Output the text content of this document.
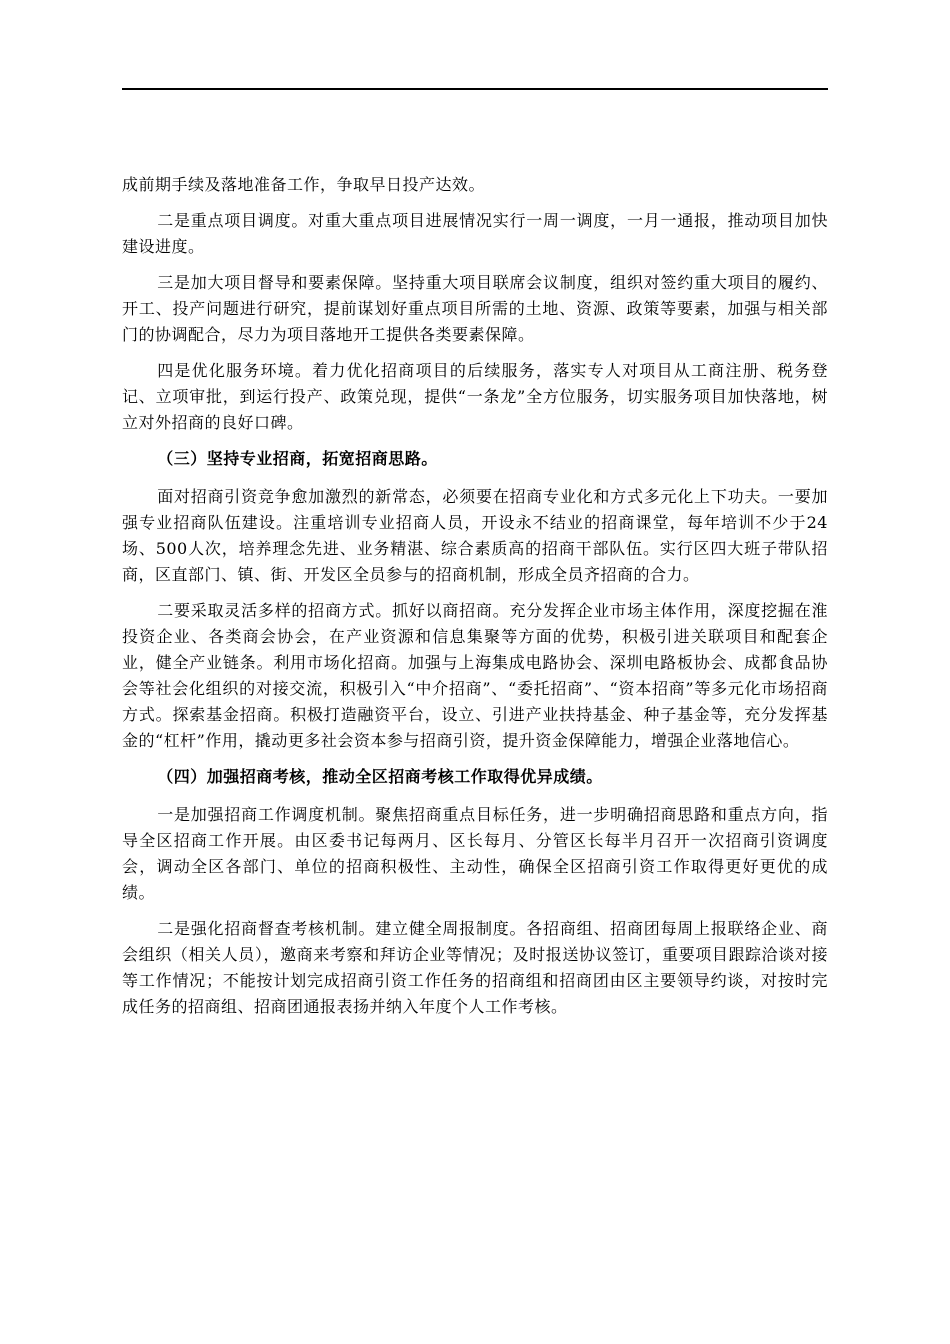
成前期手续及落地准备工作，争取早日投产达效。

二是重点项目调度。对重大重点项目进展情况实行一周一调度，一月一通报，推动项目加快建设进度。

三是加大项目督导和要素保障。坚持重大项目联席会议制度，组织对签约重大项目的履约、开工、投产问题进行研究，提前谋划好重点项目所需的土地、资源、政策等要素，加强与相关部门的协调配合，尽力为项目落地开工提供各类要素保障。

四是优化服务环境。着力优化招商项目的后续服务，落实专人对项目从工商注册、税务登记、立项审批，到运行投产、政策兑现，提供“一条龙”全方位服务，切实服务项目加快落地，树立对外招商的良好口碑。

（三）坚持专业招商，拓宽招商思路。

面对招商引资竞争愈加激烈的新常态，必须要在招商专业化和方式多元化上下功夫。一要加强专业招商队伍建设。注重培训专业招商人员，开设永不结业的招商课堂，每年培训不少于24场、500人次，培养理念先进、业务精湛、综合素质高的招商干部队伍。实行区四大班子带队招商，区直部门、镇、街、开发区全员参与的招商机制，形成全员齐招商的合力。

二要采取灵活多样的招商方式。抓好以商招商。充分发挥企业市场主体作用，深度挖掘在淮投资企业、各类商会协会，在产业资源和信息集聚等方面的优势，积极引进关联项目和配套企业，健全产业链条。利用市场化招商。加强与上海集成电路协会、深圳电路板协会、成都食品协会等社会化组织的对接交流，积极引入“中介招商”、“委托招商”、“资本招商”等多元化市场招商方式。探索基金招商。积极打造融资平台，设立、引进产业扶持基金、种子基金等，充分发挥基金的“杠杆”作用，撬动更多社会资本参与招商引资，提升资金保障能力，增强企业落地信心。

（四）加强招商考核，推动全区招商考核工作取得优异成绩。

一是加强招商工作调度机制。聚焦招商重点目标任务，进一步明确招商思路和重点方向，指导全区招商工作开展。由区委书记每两月、区长每月、分管区长每半月召开一次招商引资调度会，调动全区各部门、单位的招商积极性、主动性，确保全区招商引资工作取得更好更优的成绩。

二是强化招商督查考核机制。建立健全周报制度。各招商组、招商团每周上报联络企业、商会组织（相关人员），邀商来考察和拜访企业等情况；及时报送协议签订，重要项目跟踪洽谈对接等工作情况；不能按计划完成招商引资工作任务的招商组和招商团由区主要领导约谈，对按时完成任务的招商组、招商团通报表扬并纳入年度个人工作考核。
